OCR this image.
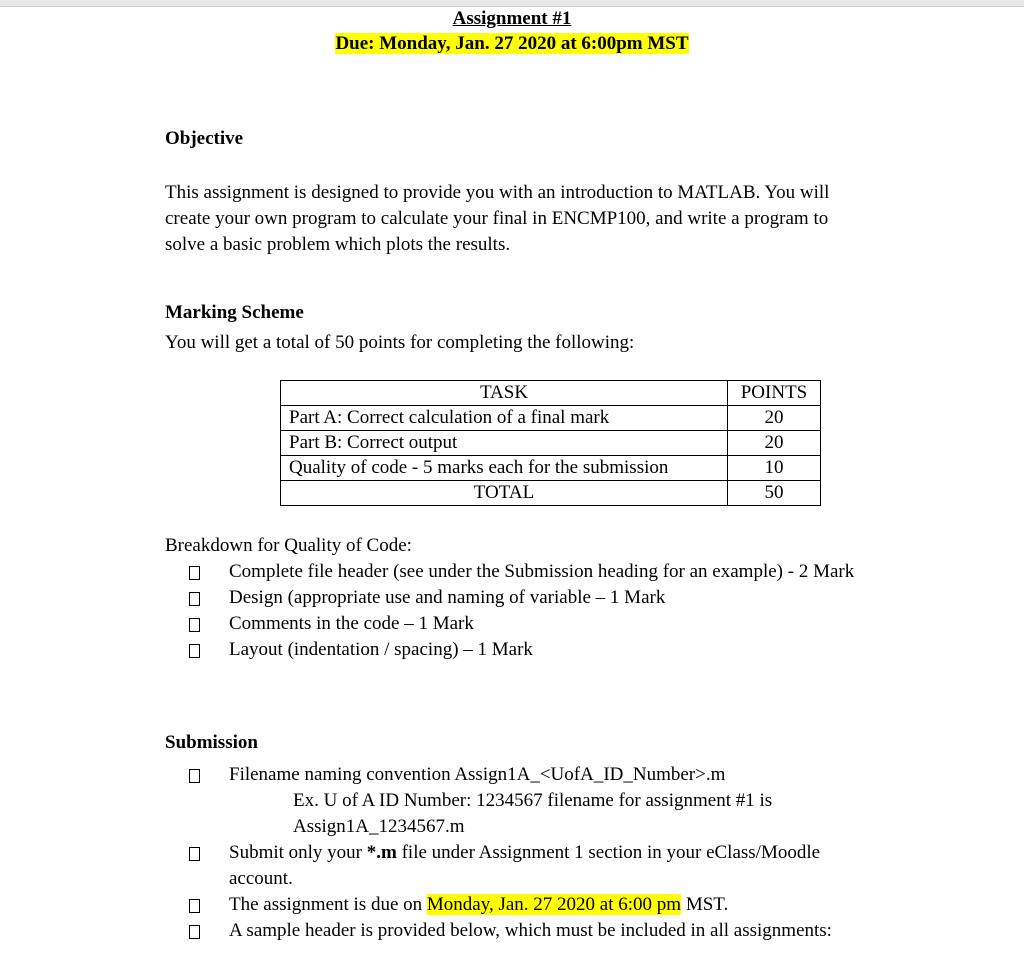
Assignment #1
Due: Monday, Jan. 27 2020 at 6:00pm MST
Objective
This assignment is designed to provide you with an introduction to MATLAB. You will
create your own program to calculate your final in ENCMP100, and write a program to
solve a basic problem which plots the results.
Marking Scheme
You will get a total of 50 points for completing the following:
TASK	POINTS
Part A: Correct calculation of a final mark	20
Part B: Correct output	20
Quality of code - 5 marks each for the submission	10
TOTAL	50
Breakdown for Quality of Code:
Complete file header (see under the Submission heading for an example) - 2 Mark
Design (appropriate use and naming of variable – 1 Mark
Comments in the code – 1 Mark
Layout (indentation / spacing) – 1 Mark
Submission
Filename naming convention Assign1A_<UofA_ID_Number>.m
Ex. U of A ID Number: 1234567 filename for assignment #1 is
Assign1A_1234567.m
Submit only your *.m file under Assignment 1 section in your eClass/Moodle
account.
The assignment is due on Monday, Jan. 27 2020 at 6:00 pm MST.
A sample header is provided below, which must be included in all assignments:
